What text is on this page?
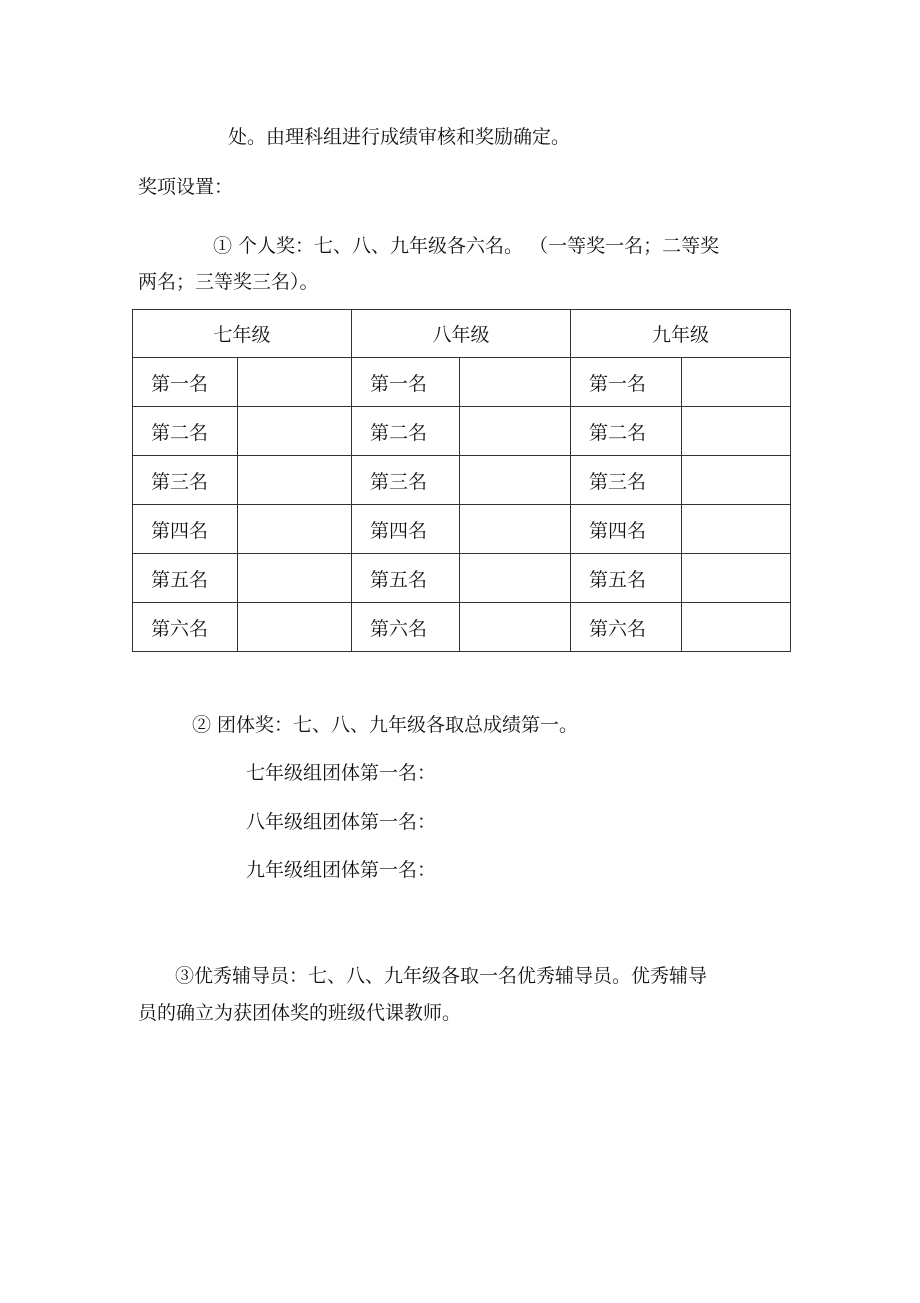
处。由理科组进行成绩审核和奖励确定。
奖项设置：
① 个人奖：七、八、九年级各六名。 （一等奖一名；二等奖
两名；三等奖三名）。
七年级		八年级		九年级	
第一名		第一名		第一名	
第二名		第二名		第二名	
第三名		第三名		第三名	
第四名		第四名		第四名	
第五名		第五名		第五名	
第六名		第六名		第六名	
② 团体奖：七、八、九年级各取总成绩第一。
七年级组团体第一名：
八年级组团体第一名：
九年级组团体第一名：
③优秀辅导员：七、八、九年级各取一名优秀辅导员。优秀辅导
员的确立为获团体奖的班级代课教师。
